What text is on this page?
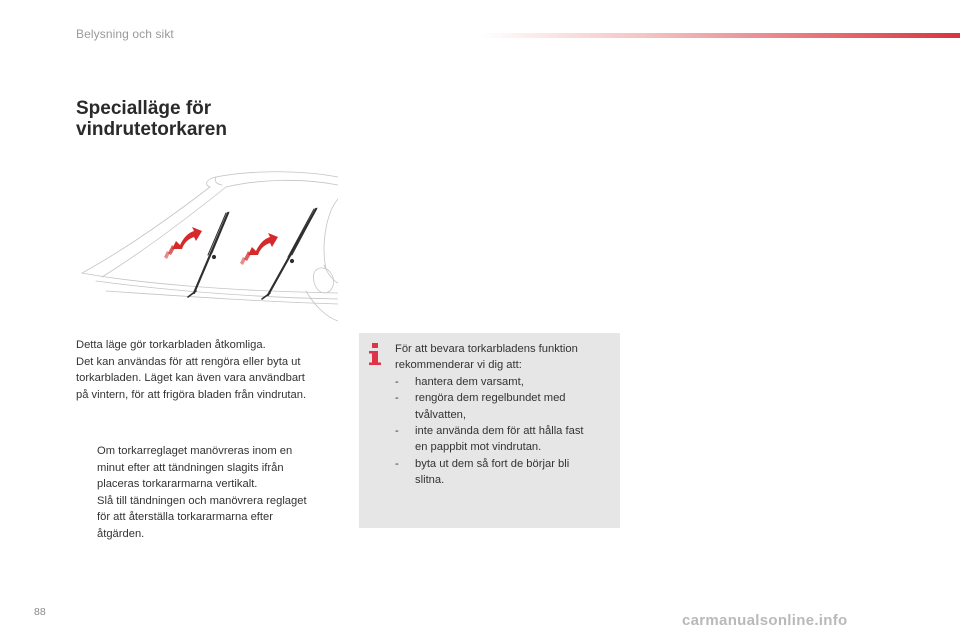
Belysning och sikt
Specialläge för
vindrutetorkaren

Detta läge gör torkarbladen åtkomliga.

Det kan användas för att rengöra eller byta ut

torkarbladen. Läget kan även vara användbart

på vintern, för att frigöra bladen från vindrutan.

Om torkarreglaget manövreras inom en
minut efter att tändningen slagits ifrån
placeras torkararmarna vertikalt.
Slå till tändningen och manövrera reglaget
för att återställa torkararmarna efter
åtgärden.
För att bevara torkarbladens funktion
rekommenderar vi dig att:
- hantera dem varsamt,
- rengöra dem regelbundet med
tvålvatten,
- inte använda dem för att hålla fast
en pappbit mot vindrutan.
- byta ut dem så fort de börjar bli
slitna.
88	carmanualsonline.info
